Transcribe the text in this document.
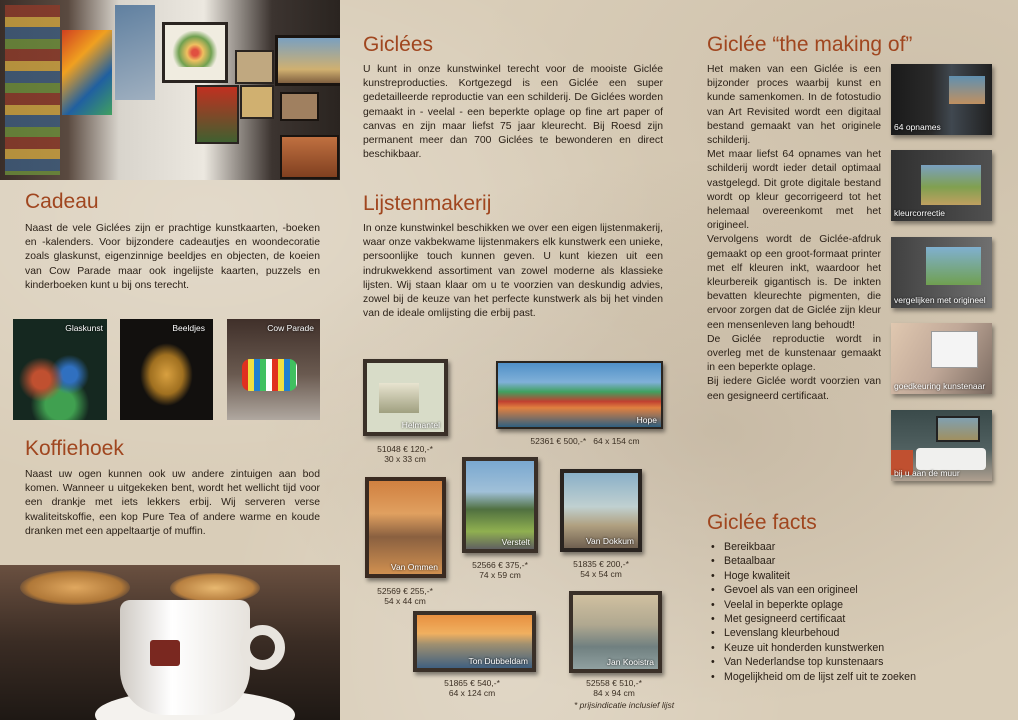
Cadeau

Naast de vele Giclées zijn er prachtige kunstkaarten, -boeken en -kalenders. Voor bijzondere cadeautjes en woondecoratie zoals glaskunst, eigenzinnige beeldjes en objecten, de koeien van Cow Parade maar ook ingelijste kaarten, puzzels en kinderboeken kunt u bij ons terecht.

Glaskunst	Beeldjes	Cow Parade
Koffiehoek

Naast uw ogen kunnen ook uw andere zintuigen aan bod komen. Wanneer u uitgekeken bent, wordt het wellicht tijd voor een drankje met iets lekkers erbij. Wij serveren verse kwaliteitskoffie, een kop Pure Tea of andere warme en koude dranken met een appeltaartje of muffin.

Giclées

U kunt in onze kunstwinkel terecht voor de mooiste Giclée kunstreproducties. Kortgezegd is een Giclée een super gedetailleerde reproductie van een schilderij. De Giclées worden gemaakt in - veelal - een beperkte oplage op fine art paper of canvas en zijn maar liefst 75 jaar kleurecht. Bij Roesd zijn permanent meer dan 700 Giclées te bewonderen en direct beschikbaar.

Lijstenmakerij

In onze kunstwinkel beschikken we over een eigen lijstenmakerij, waar onze vakbekwame lijstenmakers elk kunstwerk een unieke, persoonlijke touch kunnen geven. U kunt kiezen uit een indrukwekkend assortiment van zowel moderne als klassieke lijsten. Wij staan klaar om u te voorzien van deskundig advies, zowel bij de keuze van het perfecte kunstwerk als bij het vinden van de ideale omlijsting die erbij past.

Helmantel
51048 € 120,-*
30 x 33 cm
Hope
52361 € 500,-* 64 x 154 cm
Van Ommen
52569 € 255,-*
54 x 44 cm
Verstelt
52566 € 375,-*
74 x 59 cm
Van Dokkum
51835 € 200,-*
54 x 54 cm
Ton Dubbeldam
51865 € 540,-*
64 x 124 cm
Jan Kooistra
52558 € 510,-*
84 x 94 cm
* prijsindicatie inclusief lijst
Giclée “the making of”

Het maken van een Giclée is een bijzonder proces waarbij kunst en kunde samenkomen. In de fotostudio van Art Revisited wordt een digitaal bestand gemaakt van het originele schilderij.
Met maar liefst 64 opnames van het schilderij wordt ieder detail optimaal vastgelegd. Dit grote digitale bestand wordt op kleur gecorrigeerd tot het helemaal overeenkomt met het origineel.
Vervolgens wordt de Giclée-afdruk gemaakt op een groot-formaat printer met elf kleuren inkt, waardoor het kleurbereik gigantisch is. De inkten bevatten kleurechte pigmenten, die ervoor zorgen dat de Giclée zijn kleur een mensenleven lang behoudt!
De Giclée reproductie wordt in overleg met de kunstenaar gemaakt in een beperkte oplage.
Bij iedere Giclée wordt voorzien van een gesigneerd certificaat.

64 opnames
kleurcorrectie
vergelijken met origineel
goedkeuring kunstenaar
bij u aan de muur
Giclée facts
• Bereikbaar
• Betaalbaar
• Hoge kwaliteit
• Gevoel als van een origineel
• Veelal in beperkte oplage
• Met gesigneerd certificaat
• Levenslang kleurbehoud
• Keuze uit honderden kunstwerken
• Van Nederlandse top kunstenaars
• Mogelijkheid om de lijst zelf uit te zoeken
